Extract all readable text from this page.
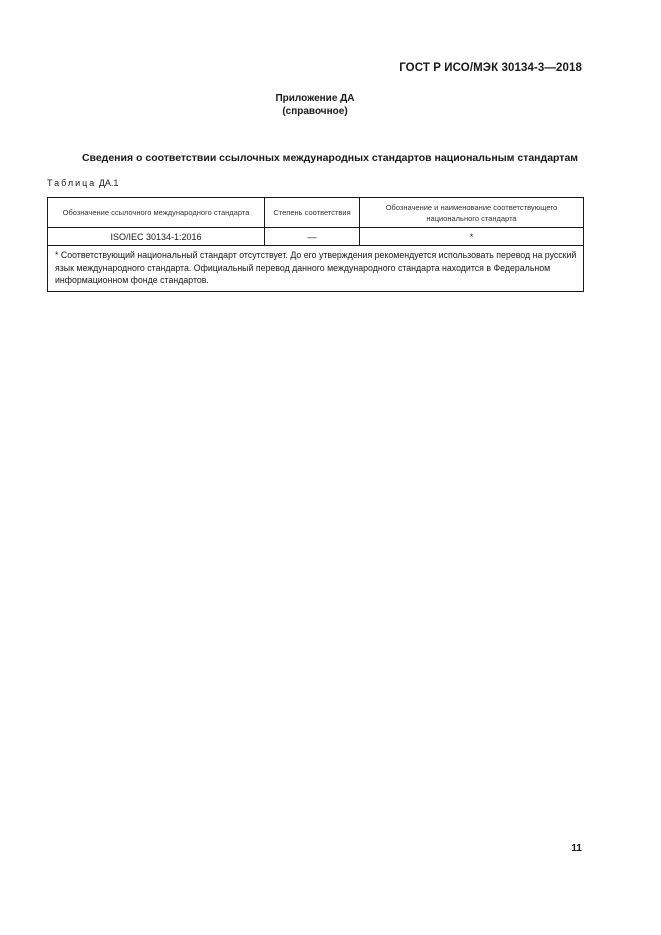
ГОСТ Р ИСО/МЭК 30134-3—2018
Приложение ДА
(справочное)
Сведения о соответствии ссылочных международных стандартов национальным стандартам
Таблица ДА.1
Обозначение ссылочного международного стандарта	Степень соответствия	Обозначение и наименование соответствующего национального стандарта
ISO/IEC 30134-1:2016	—	*

* Соответствующий национальный стандарт отсутствует. До его утверждения рекомендуется использовать перевод на русский язык международного стандарта. Официальный перевод данного международного стандарта находится в Федеральном информационном фонде стандартов.		
11
